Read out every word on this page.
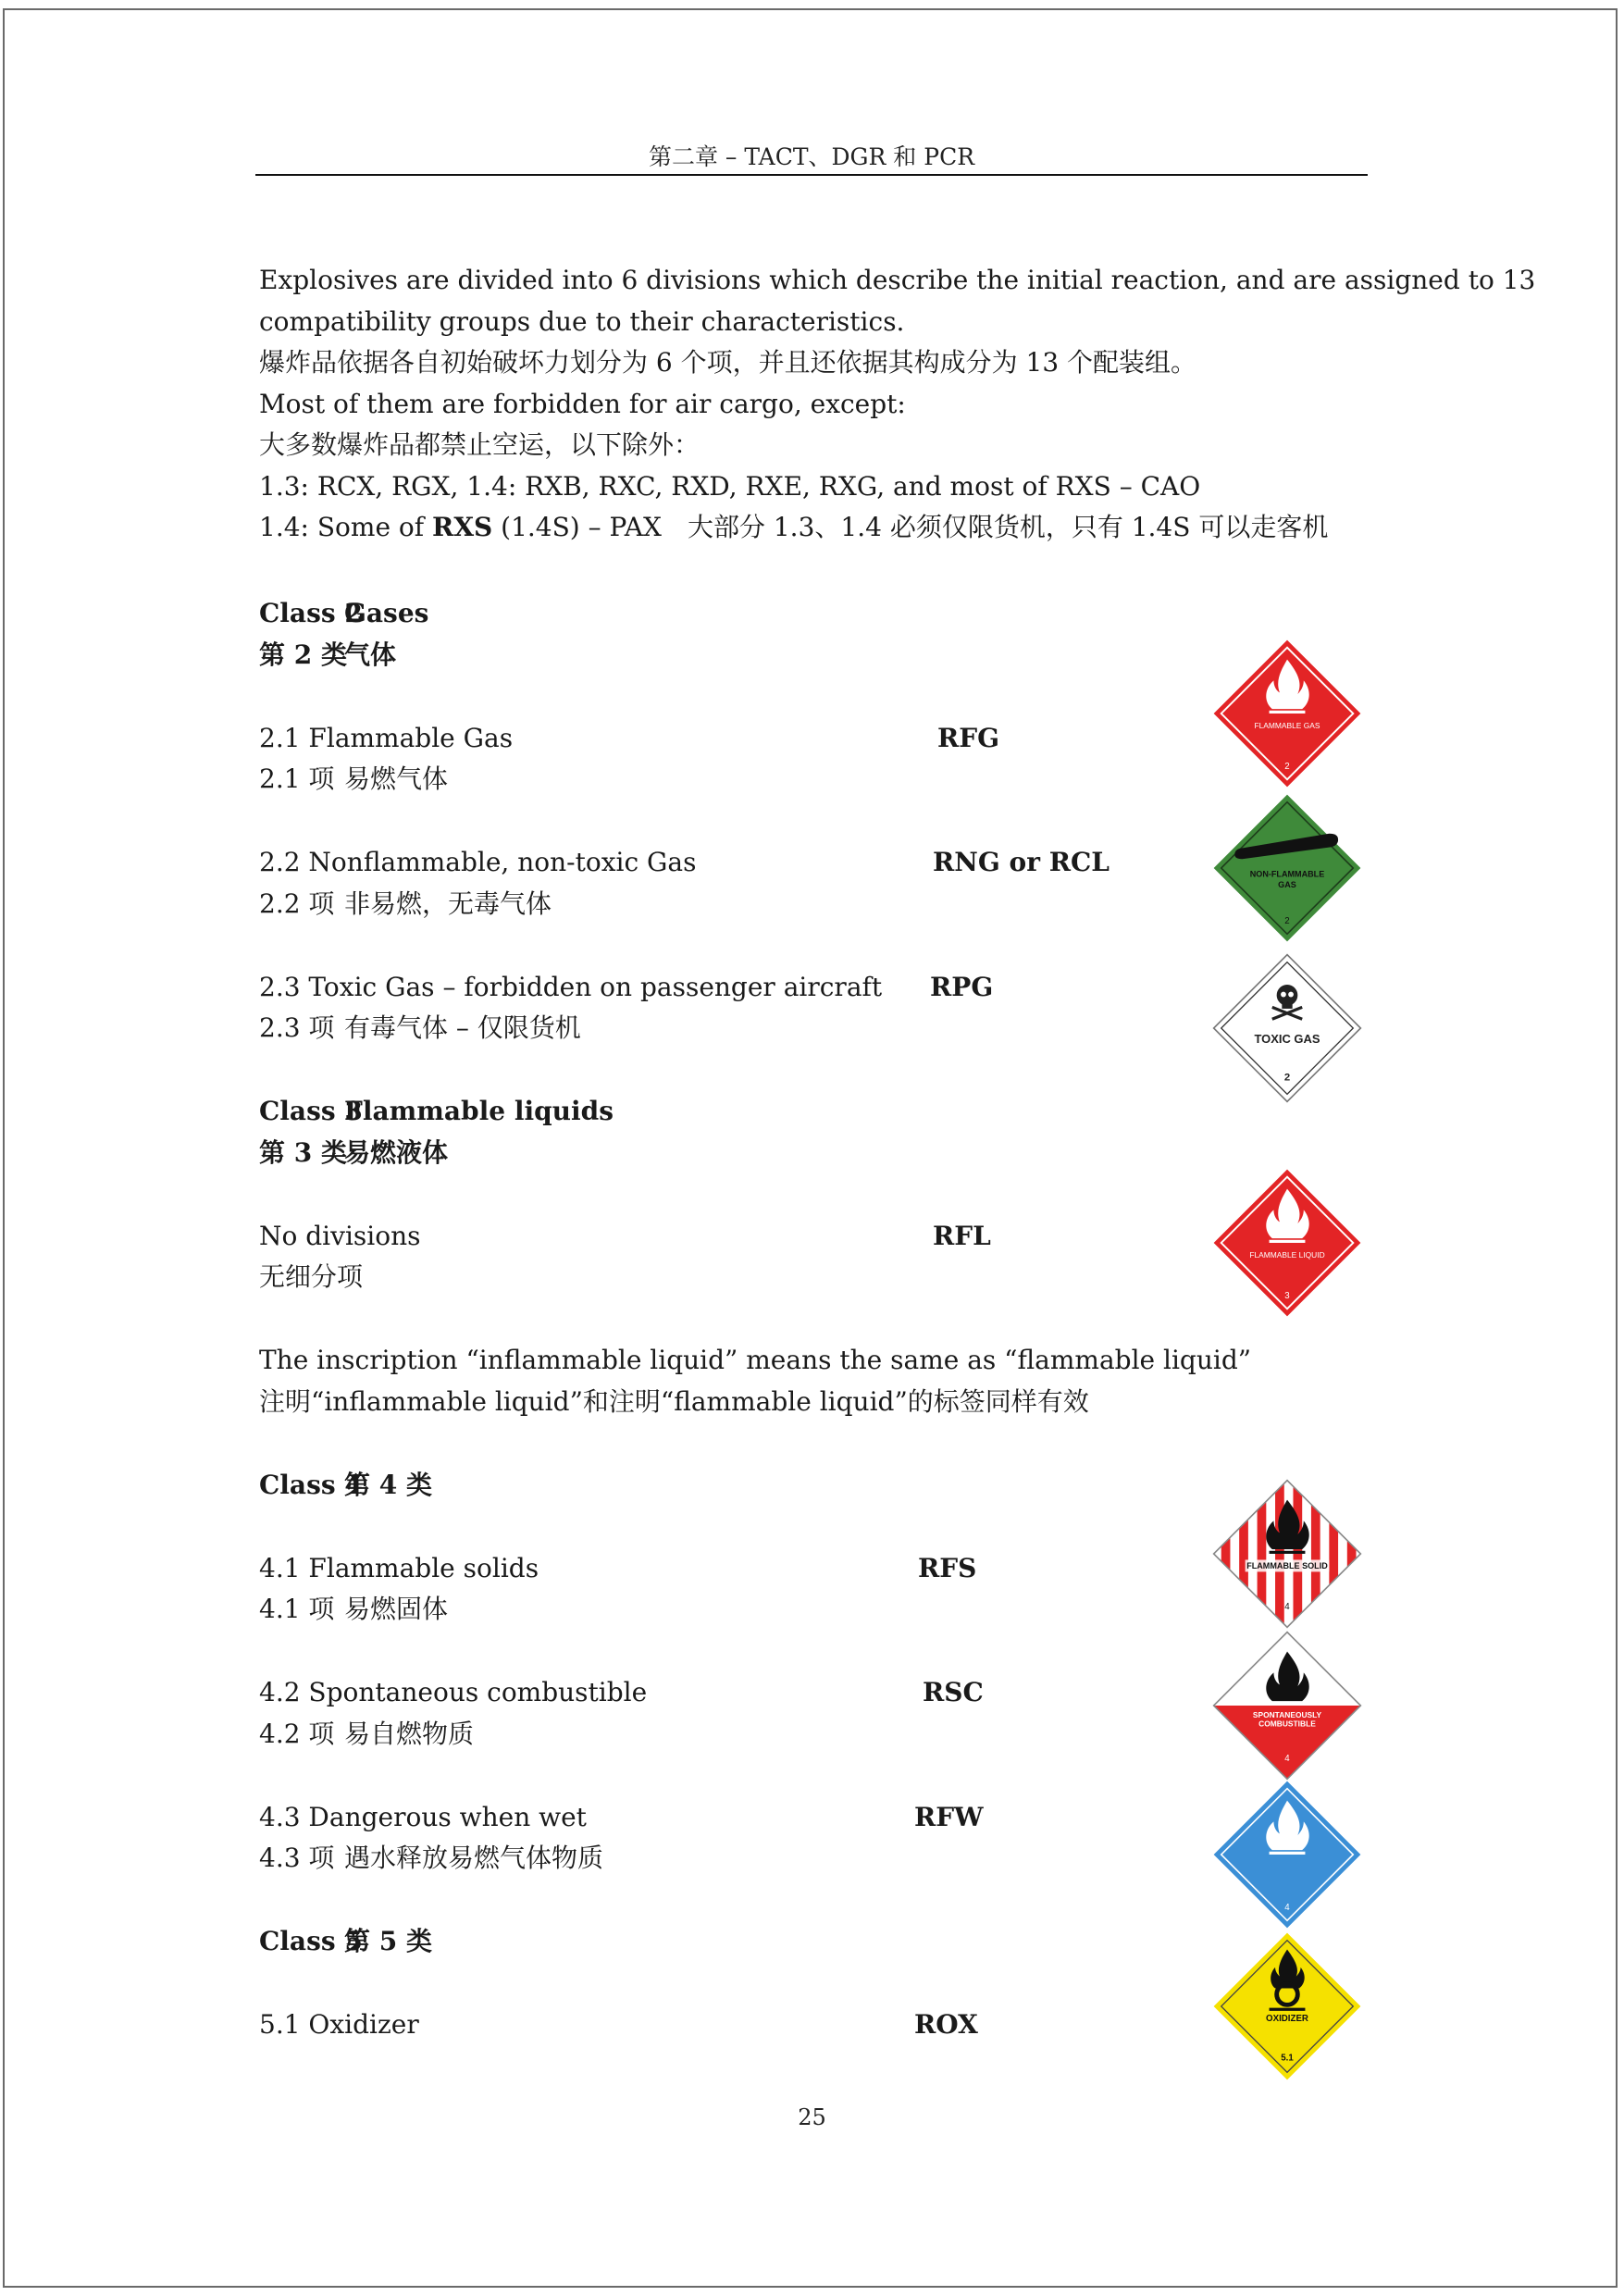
第二章 – TACT、DGR 和 PCR
Explosives are divided into 6 divisions which describe the initial reaction, and are assigned to 13
compatibility groups due to their characteristics.
爆炸品依据各自初始破坏力划分为 6 个项，并且还依据其构成分为 13 个配装组。
Most of them are forbidden for air cargo, except:
大多数爆炸品都禁止空运，以下除外：
1.3: RCX, RGX, 1.4: RXB, RXC, RXD, RXE, RXG, and most of RXS – CAO
1.4: Some of RXS (1.4S) – PAX 大部分 1.3、1.4 必须仅限货机，只有 1.4S 可以走客机
Class 2Gases
第 2 类气体
2.1 Flammable Gas
2.1 项 易燃气体
RFG
2.2 Nonflammable, non-toxic Gas
2.2 项 非易燃，无毒气体
RNG or RCL
2.3 Toxic Gas – forbidden on passenger aircraft
2.3 项 有毒气体 – 仅限货机
RPG
Class 3Flammable liquids
第 3 类易燃液体
No divisions
无细分项
RFL
The inscription “inflammable liquid” means the same as “flammable liquid”
注明“inflammable liquid”和注明“flammable liquid”的标签同样有效
Class 4第 4 类
4.1 Flammable solids
4.1 项 易燃固体
RFS
4.2 Spontaneous combustible
4.2 项 易自燃物质
RSC
4.3 Dangerous when wet
4.3 项 遇水释放易燃气体物质
RFW
Class 5第 5 类
5.1 Oxidizer	ROX
FLAMMABLE GAS
2
NON-FLAMMABLE
GAS
2
TOXIC GAS
2
FLAMMABLE LIQUID
3
FLAMMABLE SOLID
4
SPONTANEOUSLY
COMBUSTIBLE
4
4
OXIDIZER
5.1
25
